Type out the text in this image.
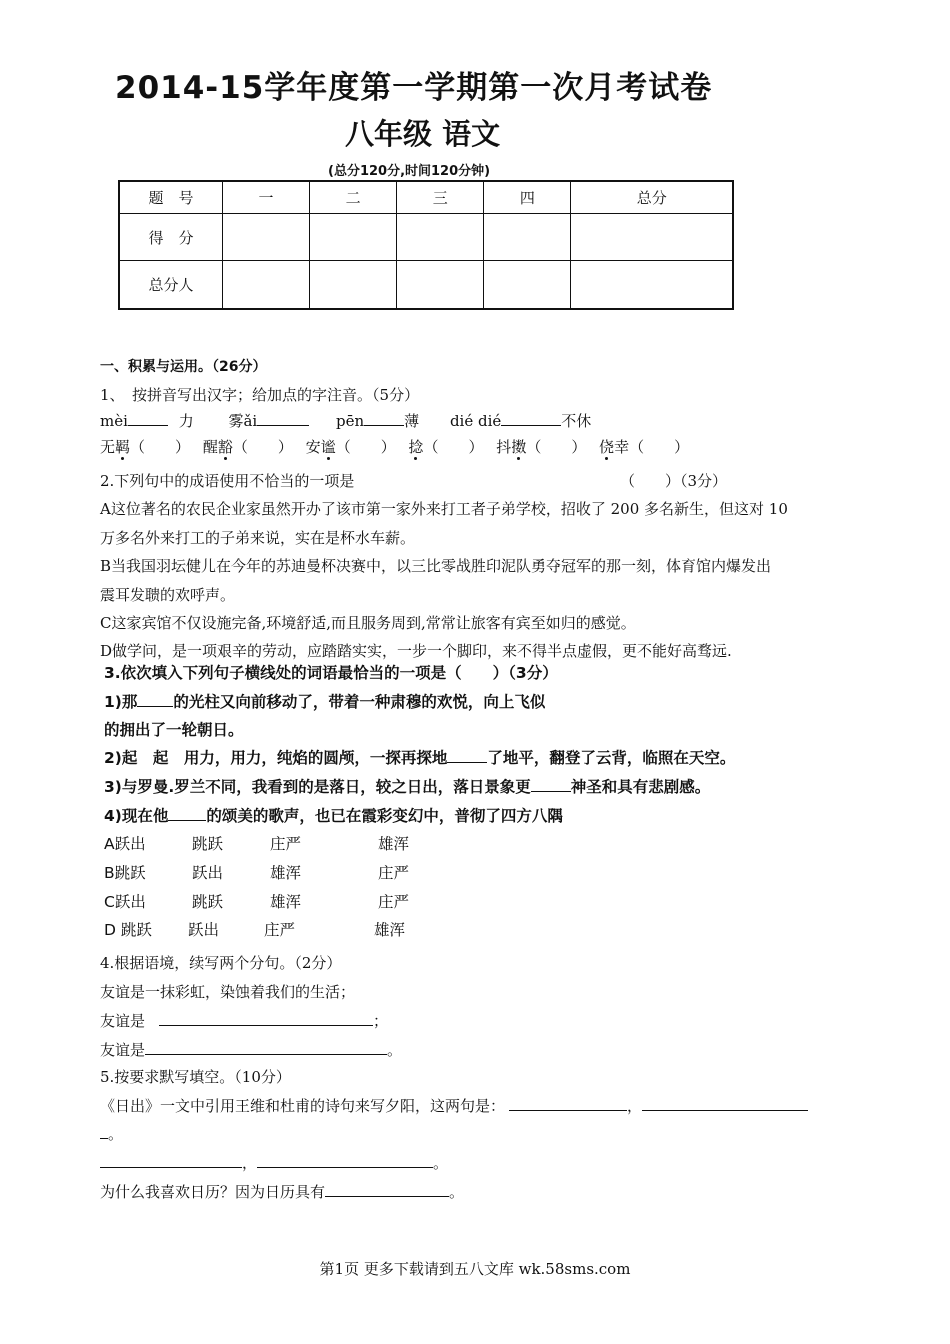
2014-15学年度第一学期第一次月考试卷
八年级 语文
(总分120分,时间120分钟)
题　号	一	二	三	四	总分
得　分					
总分人					
一、积累与运用。（26分）
1、　按拼音写出汉字；给加点的字注音。（5分）
mèi	力 雾ǎi	pēn	薄 dié dié	不休
无羁（　　） 醒豁（　　） 安谧（　　） 捻（　　） 抖擞（　　） 侥幸（　　）
2.下列句中的成语使用不恰当的一项是	（　　）（3分）
A这位著名的农民企业家虽然开办了该市第一家外来打工者子弟学校，招收了 200 多名新生，但这对 10
万多名外来打工的子弟来说，实在是杯水车薪。
B当我国羽坛健儿在今年的苏迪曼杯决赛中，以三比零战胜印泥队勇夺冠军的那一刻，体育馆内爆发出
震耳发聩的欢呼声。
C这家宾馆不仅设施完备,环境舒适,而且服务周到,常常让旅客有宾至如归的感觉。
D做学问，是一项艰辛的劳动，应踏踏实实，一步一个脚印，来不得半点虚假，更不能好高骛远.
3.依次填入下列句子横线处的词语最恰当的一项是（　　）（3分）
1)那 的光柱又向前移动了，带着一种肃穆的欢悦，向上飞似
的拥出了一轮朝日。
2)起　起　用力，用力，纯焰的圆颅，一探再探地	了地平，翻登了云背，临照在天空。
3)与罗曼.罗兰不同，我看到的是落日，较之日出，落日景象更	神圣和具有悲剧感。
4)现在他 的颂美的歌声，也已在霞彩变幻中，普彻了四方八隅
A跃出	跳跃	庄严	雄浑
B跳跃	跃出	雄浑	庄严
C跃出	跳跃	雄浑	庄严
D 跳跃 跃出	庄严	雄浑
4.根据语境，续写两个分句。（2分）
友谊是一抹彩虹，染蚀着我们的生活；
友谊是	；
友谊是	。
5.按要求默写填空。（10分）
《日出》一文中引用王维和杜甫的诗句来写夕阳，这两句是：	，
。
，	。
为什么我喜欢日历？因为日历具有	。
第1页 更多下载请到五八文库 wk.58sms.com
